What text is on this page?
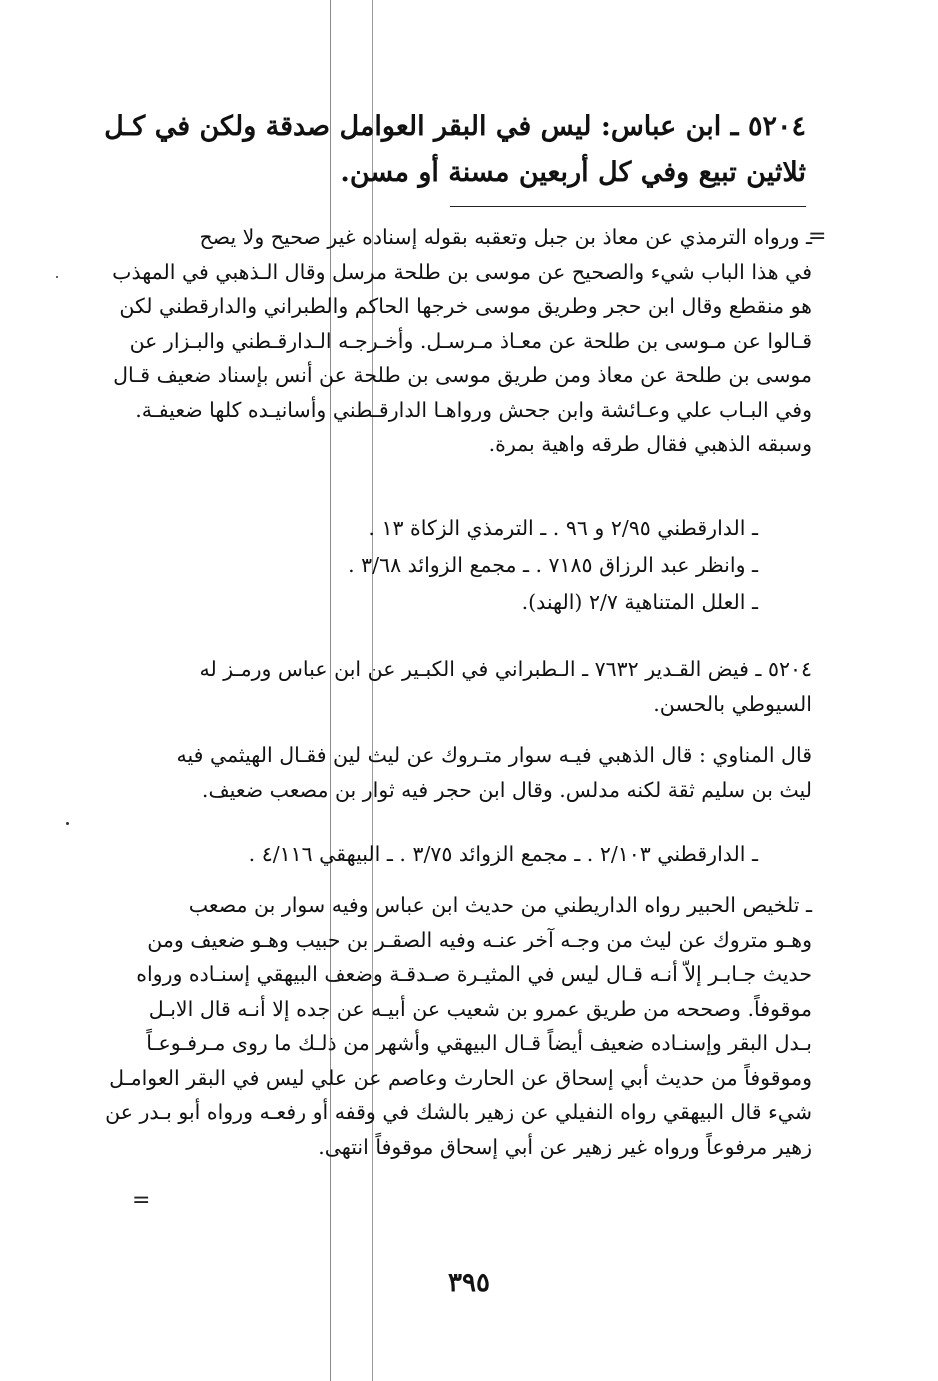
٥٢٠٤ ـ ابن عباس: ليس في البقر العوامل صدقة ولكن في كـل
ثلاثين تبيع وفي كل أربعين مسنة أو مسن.
=
ـ ورواه الترمذي عن معاذ بن جبل وتعقبه بقوله إسناده غير صحيح ولا يصح
في هذا الباب شيء والصحيح عن موسى بن طلحة مرسل وقال الـذهبي في المهذب
هو منقطع وقال ابن حجر وطريق موسى خرجها الحاكم والطبراني والدارقطني لكن
قـالوا عن مـوسى بن طلحة عن معـاذ مـرسـل. وأخـرجـه الـدارقـطني والبـزار عن
موسى بن طلحة عن معاذ ومن طريق موسى بن طلحة عن أنس بإسناد ضعيف قـال
وفي البـاب علي وعـائشة وابن جحش ورواهـا الدارقـطني وأسانيـده كلها ضعيفـة.
وسبقه الذهبي فقال طرقه واهية بمرة.
ـ الدارقطني ٢/٩٥ و ٩٦ . ـ الترمذي الزكاة ١٣ .
ـ وانظر عبد الرزاق ٧١٨٥ . ـ مجمع الزوائد ٣/٦٨ .
ـ العلل المتناهية ٢/٧ (الهند).
٥٢٠٤ ـ فيض القـدير ٧٦٣٢ ـ الـطبراني في الكبـير عن ابن عباس ورمـز له
السيوطي بالحسن.
قال المناوي : قال الذهبي فيـه سوار متـروك عن ليث لين فقـال الهيثمي فيه
ليث بن سليم ثقة لكنه مدلس. وقال ابن حجر فيه ثوار بن مصعب ضعيف.
ـ الدارقطني ٢/١٠٣ . ـ مجمع الزوائد ٣/٧٥ . ـ البيهقي ٤/١١٦ .
ـ تلخيص الحبير رواه الداريطني من حديث ابن عباس وفيه سوار بن مصعب
وهـو متروك عن ليث من وجـه آخر عنـه وفيه الصقـر بن حبيب وهـو ضعيف ومن
حديث جـابـر إلاّ أنـه قـال ليس في المثيـرة صـدقـة وضعف البيهقي إسنـاده ورواه
موقوفاً. وصححه من طريق عمرو بن شعيب عن أبيـه عن جده إلا أنـه قال الابـل
بـدل البقر وإسنـاده ضعيف أيضاً قـال البيهقي وأشهر من ذلـك ما روى مـرفـوعـاً
وموقوفاً من حديث أبي إسحاق عن الحارث وعاصم عن علي ليس في البقر العوامـل
شيء قال البيهقي رواه النفيلي عن زهير بالشك في وقفه أو رفعـه ورواه أبو بـدر عن
زهير مرفوعاً ورواه غير زهير عن أبي إسحاق موقوفاً انتهى.
=
٣٩٥
